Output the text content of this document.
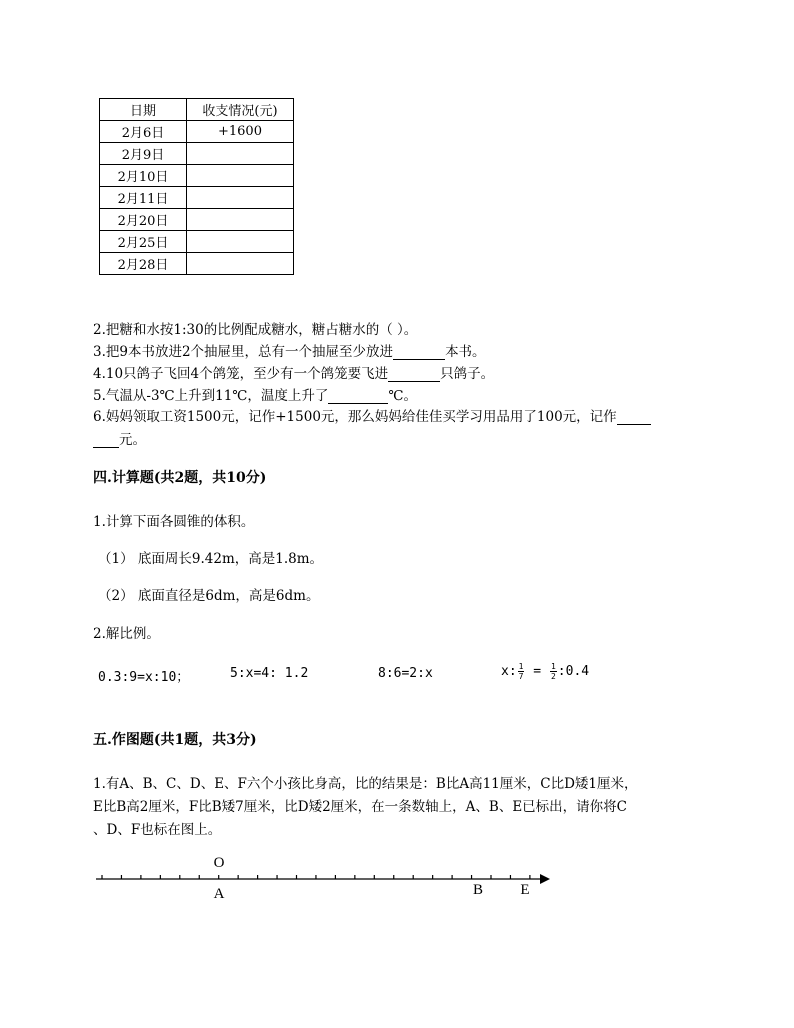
日期	收支情况(元)
2月6日	+1600
2月9日	
2月10日	
2月11日	
2月20日	
2月25日	
2月28日	
2.把糖和水按1:30的比例配成糖水，糖占糖水的（ ）。
3.把9本书放进2个抽屉里，总有一个抽屉至少放进	本书。
4.10只鸽子飞回4个鸽笼，至少有一个鸽笼要飞进	只鸽子。
5.气温从-3℃上升到11℃，温度上升了	℃。
6.妈妈领取工资1500元，记作+1500元，那么妈妈给佳佳买学习用品用了100元，记作
元。
四.计算题(共2题，共10分)
1.计算下面各圆锥的体积。
（1） 底面周长9.42m，高是1.8m。
（2） 底面直径是6dm，高是6dm。
2.解比例。
0.3:9=x:10；	5:x=4: 1.2	8:6=2:x	x: $\frac{1}{7} = \frac{1}{2}$ :0.4
五.作图题(共1题，共3分)
1.有A、B、C、D、E、F六个小孩比身高，比的结果是：B比A高11厘米，C比D矮1厘米，
E比B高2厘米，F比B矮7厘米，比D矮2厘米，在一条数轴上，A、B、E已标出，请你将C
、D、F也标在图上。
O
A	B E
